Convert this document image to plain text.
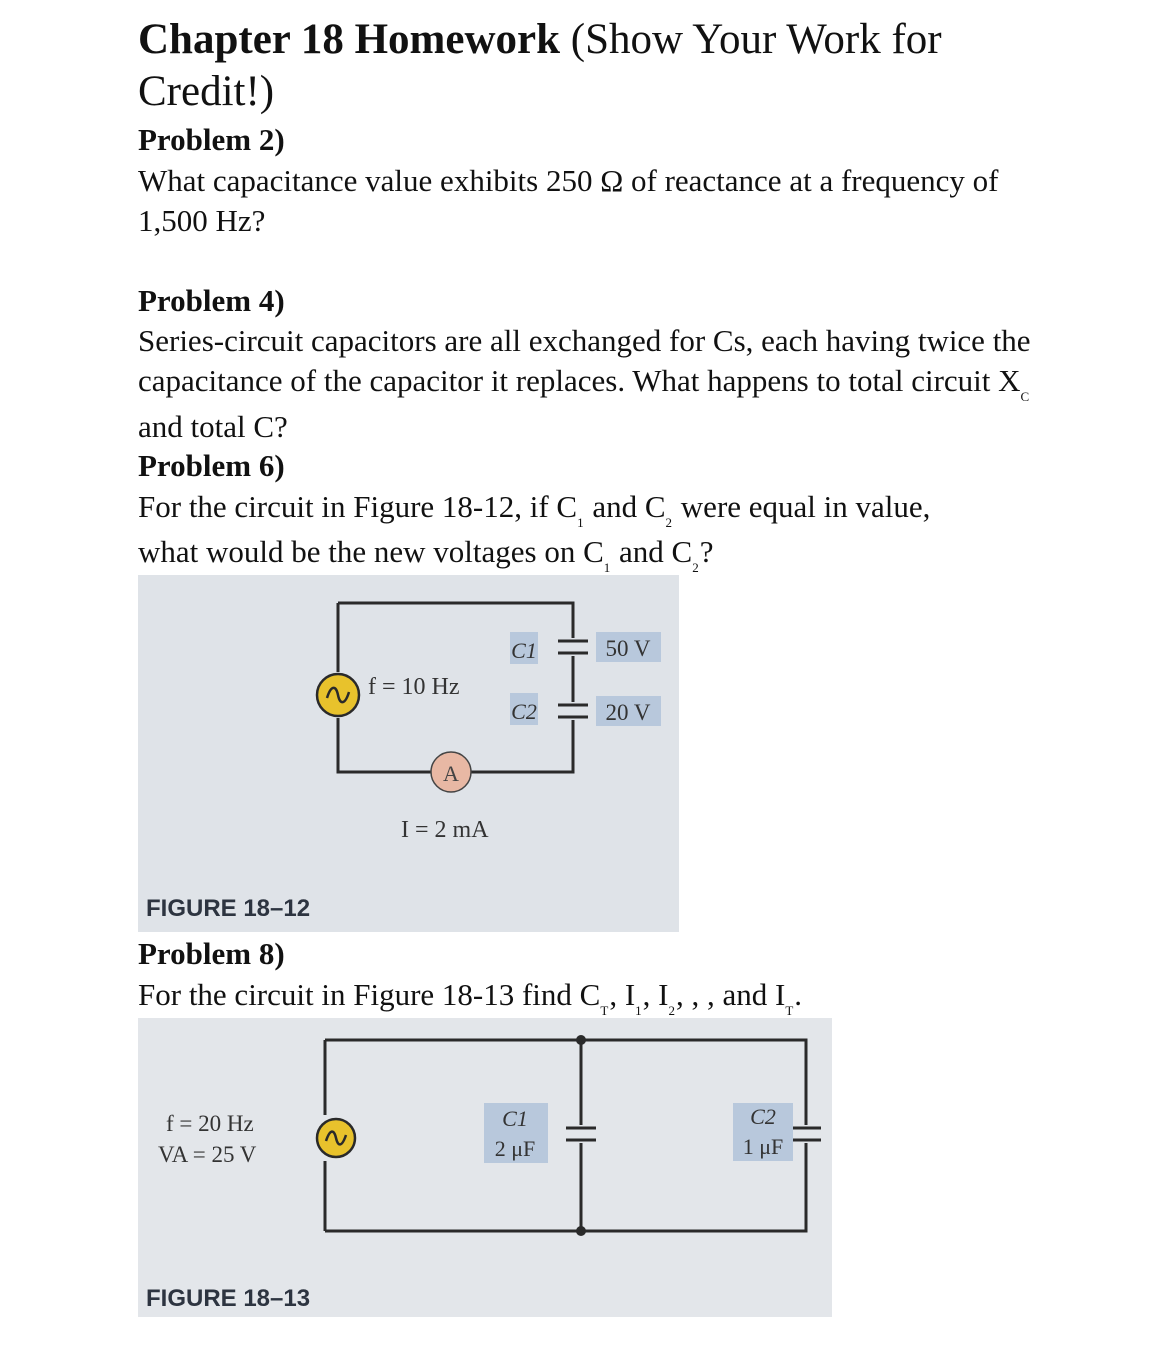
Chapter 18 Homework (Show Your Work for Credit!)
Problem 2)
What capacitance value exhibits 250 Ω of reactance at a frequency of 1,500 Hz?
Problem 4)
Series-circuit capacitors are all exchanged for Cs, each having twice the capacitance of the capacitor it replaces. What happens to total circuit $X_C$ and total C?
Problem 6)
For the circuit in Figure 18-12, if $C_1$ and $C_2$ were equal in value,
what would be the new voltages on $C_1$ and $C_2$?
A
C1
C2
50 V
20 V
f = 10 Hz
I = 2 mA
FIGURE 18–12
Problem 8)
For the circuit in Figure 18-13 find $C_T$, $I_1$, $I_2$, , , and $I_T$.
C1
2 μF
C2
1 μF
f = 20 Hz
VA = 25 V
FIGURE 18–13
